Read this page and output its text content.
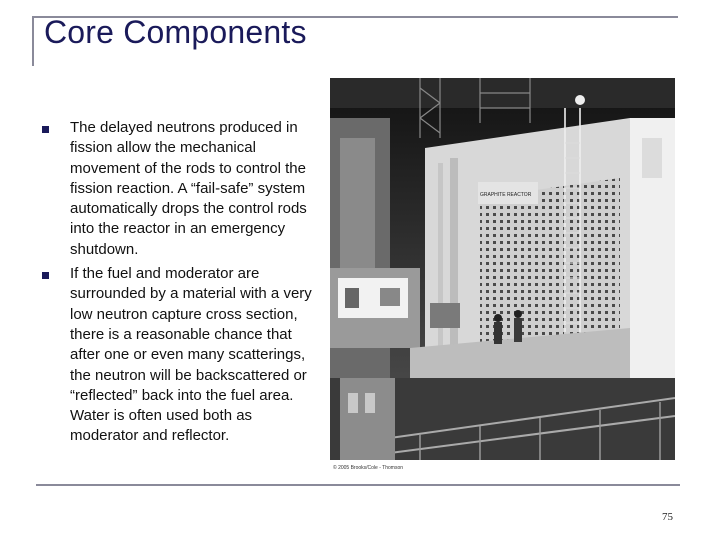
Core Components
The delayed neutrons produced in fission allow the mechanical movement of the rods to control the fission reaction. A “fail-safe” system automatically drops the control rods into the reactor in an emergency shutdown.
If the fuel and moderator are surrounded by a material with a very low neutron capture cross section, there is a reasonable chance that after one or even many scatterings, the neutron will be backscattered or “reflected” back into the fuel area. Water is often used both as moderator and reflector.
GRAPHITE REACTOR
© 2005 Brooks/Cole - Thomson
75
